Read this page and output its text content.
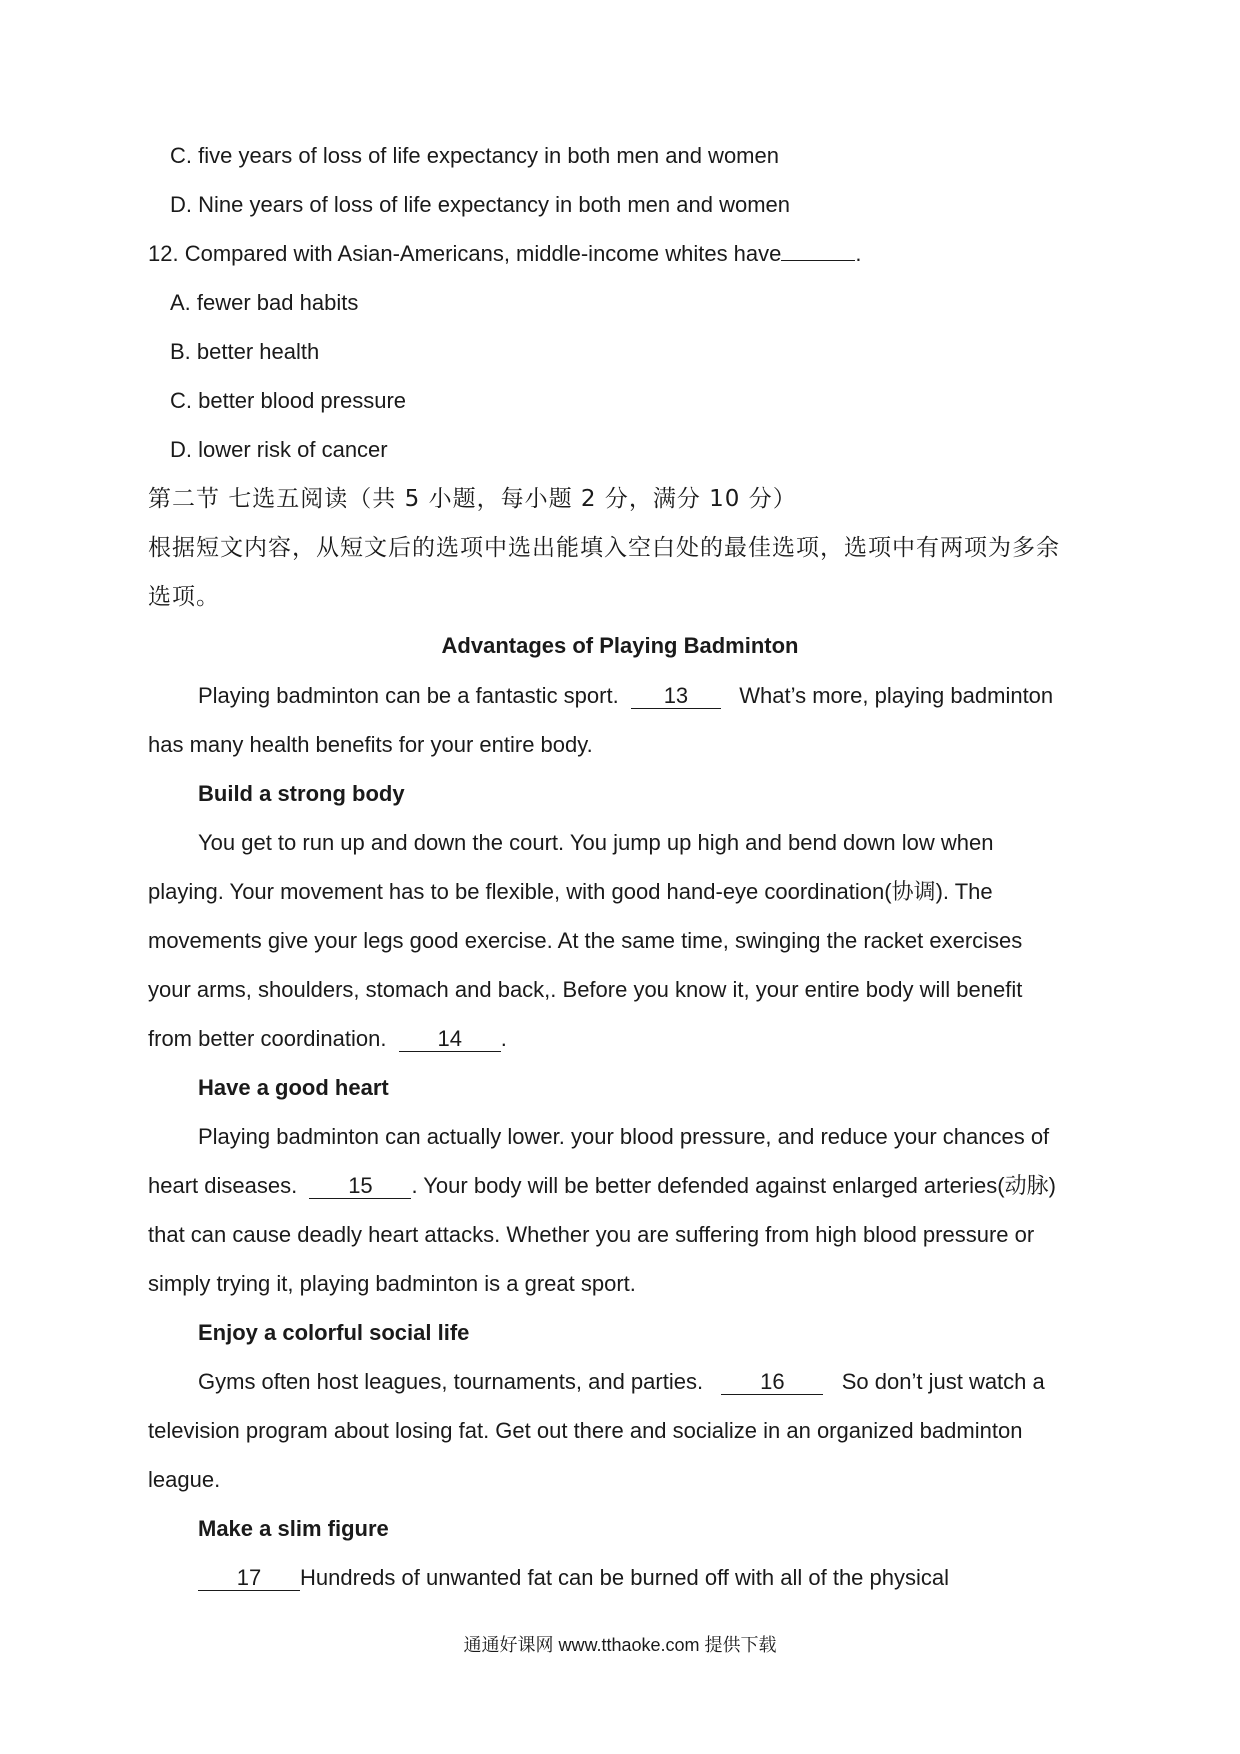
C. five years of loss of life expectancy in both men and women
D. Nine years of loss of life expectancy in both men and women
12. Compared with Asian-Americans, middle-income whites have	.
A. fewer bad habits
B. better health
C. better blood pressure
D. lower risk of cancer
第二节 七选五阅读（共 5 小题，每小题 2 分，满分 10 分）
根据短文内容，从短文后的选项中选出能填入空白处的最佳选项，选项中有两项为多余
选项。
Advantages of Playing Badminton
Playing badminton can be a fantastic sport. 13 What’s more, playing badminton
has many health benefits for your entire body.
Build a strong body
You get to run up and down the court. You jump up high and bend down low when
playing. Your movement has to be flexible, with good hand-eye coordination(协调). The
movements give your legs good exercise. At the same time, swinging the racket exercises
your arms, shoulders, stomach and back,. Before you know it, your entire body will benefit
from better coordination. 14 .
Have a good heart
Playing badminton can actually lower. your blood pressure, and reduce your chances of
heart diseases. 15 . Your body will be better defended against enlarged arteries(动脉)
that can cause deadly heart attacks. Whether you are suffering from high blood pressure or
simply trying it, playing badminton is a great sport.
Enjoy a colorful social life
Gyms often host leagues, tournaments, and parties.	16	So don’t just watch a
television program about losing fat. Get out there and socialize in an organized badminton
league.
Make a slim figure
17 Hundreds of unwanted fat can be burned off with all of the physical
通通好课网 www.tthaoke.com 提供下载
